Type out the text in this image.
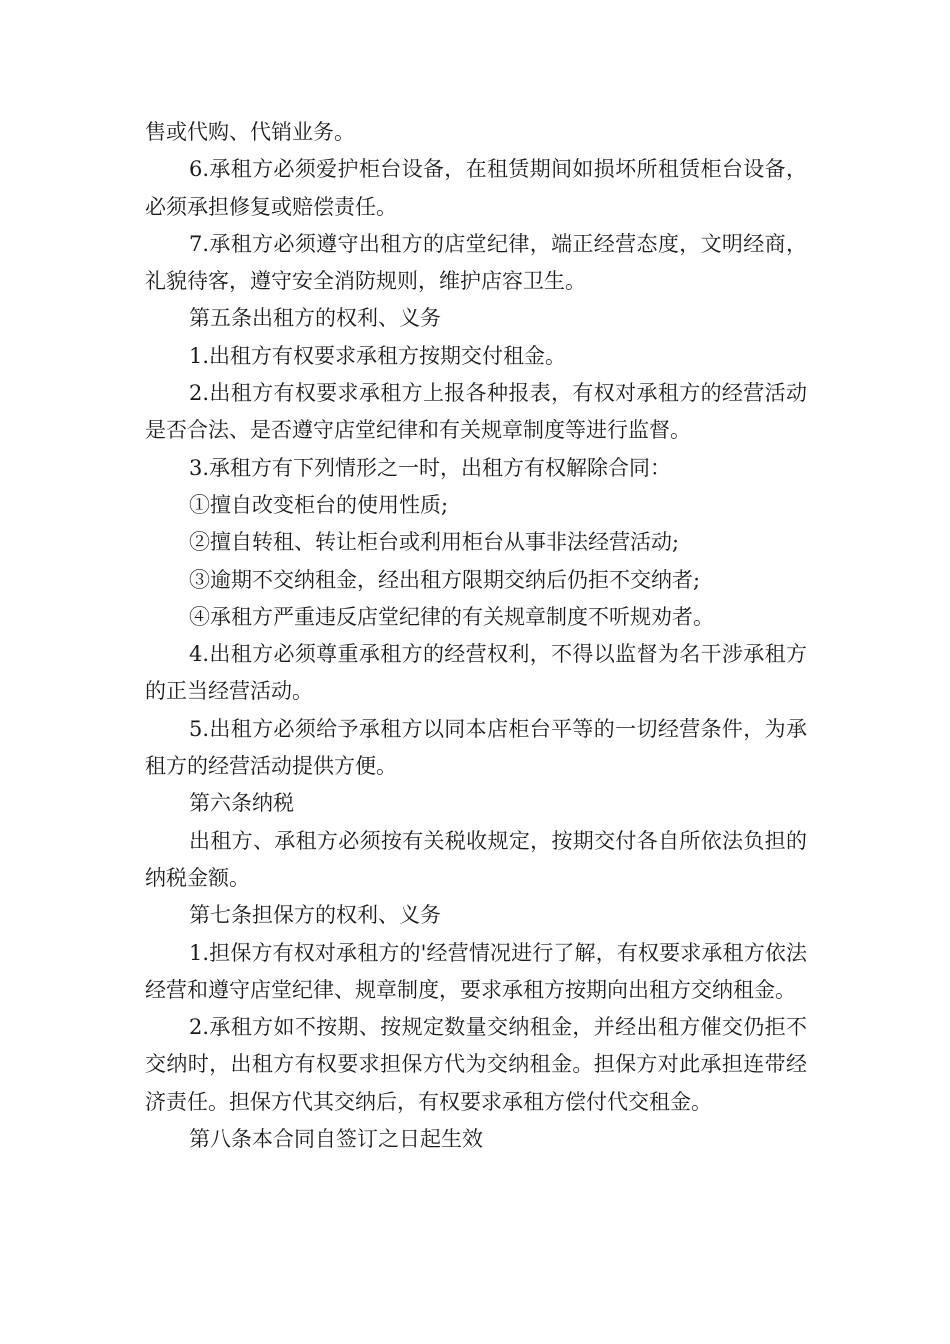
售或代购、代销业务。

6.承租方必须爱护柜台设备，在租赁期间如损坏所租赁柜台设备，必须承担修复或赔偿责任。

7.承租方必须遵守出租方的店堂纪律，端正经营态度，文明经商，礼貌待客，遵守安全消防规则，维护店容卫生。

第五条出租方的权利、义务

1.出租方有权要求承租方按期交付租金。

2.出租方有权要求承租方上报各种报表，有权对承租方的经营活动是否合法、是否遵守店堂纪律和有关规章制度等进行监督。

3.承租方有下列情形之一时，出租方有权解除合同：

①擅自改变柜台的使用性质;

②擅自转租、转让柜台或利用柜台从事非法经营活动;

③逾期不交纳租金，经出租方限期交纳后仍拒不交纳者;

④承租方严重违反店堂纪律的有关规章制度不听规劝者。

4.出租方必须尊重承租方的经营权利，不得以监督为名干涉承租方的正当经营活动。

5.出租方必须给予承租方以同本店柜台平等的一切经营条件，为承租方的经营活动提供方便。

第六条纳税

出租方、承租方必须按有关税收规定，按期交付各自所依法负担的纳税金额。

第七条担保方的权利、义务

1.担保方有权对承租方的'经营情况进行了解，有权要求承租方依法经营和遵守店堂纪律、规章制度，要求承租方按期向出租方交纳租金。

2.承租方如不按期、按规定数量交纳租金，并经出租方催交仍拒不交纳时，出租方有权要求担保方代为交纳租金。担保方对此承担连带经济责任。担保方代其交纳后，有权要求承租方偿付代交租金。

第八条本合同自签订之日起生效
